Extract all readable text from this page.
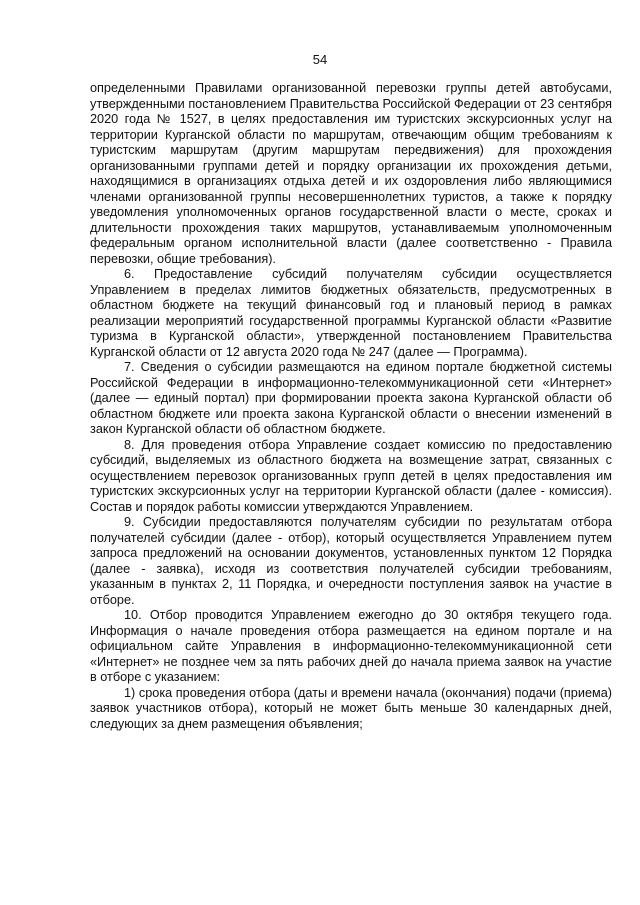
54

определенными Правилами организованной перевозки группы детей автобусами, утвержденными постановлением Правительства Российской Федерации от 23 сентября 2020 года № 1527, в целях предоставления им туристских экскурсионных услуг на территории Курганской области по маршрутам, отвечающим общим требованиям к туристским маршрутам (другим маршрутам передвижения) для прохождения организованными группами детей и порядку организации их прохождения детьми, находящимися в организациях отдыха детей и их оздоровления либо являющимися членами организованной группы несовершеннолетних туристов, а также к порядку уведомления уполномоченных органов государственной власти о месте, сроках и длительности прохождения таких маршрутов, устанавливаемым уполномоченным федеральным органом исполнительной власти (далее соответственно - Правила перевозки, общие требования).

6. Предоставление субсидий получателям субсидии осуществляется Управлением в пределах лимитов бюджетных обязательств, предусмотренных в областном бюджете на текущий финансовый год и плановый период в рамках реализации мероприятий государственной программы Курганской области «Развитие туризма в Курганской области», утвержденной постановлением Правительства Курганской области от 12 августа 2020 года № 247 (далее — Программа).

7. Сведения о субсидии размещаются на едином портале бюджетной системы Российской Федерации в информационно-телекоммуникационной сети «Интернет» (далее — единый портал) при формировании проекта закона Курганской области об областном бюджете или проекта закона Курганской области о внесении изменений в закон Курганской области об областном бюджете.

8. Для проведения отбора Управление создает комиссию по предоставлению субсидий, выделяемых из областного бюджета на возмещение затрат, связанных с осуществлением перевозок организованных групп детей в целях предоставления им туристских экскурсионных услуг на территории Курганской области (далее - комиссия). Состав и порядок работы комиссии утверждаются Управлением.

9. Субсидии предоставляются получателям субсидии по результатам отбора получателей субсидии (далее - отбор), который осуществляется Управлением путем запроса предложений на основании документов, установленных пунктом 12 Порядка (далее - заявка), исходя из соответствия получателей субсидии требованиям, указанным в пунктах 2, 11 Порядка, и очередности поступления заявок на участие в отборе.

10. Отбор проводится Управлением ежегодно до 30 октября текущего года. Информация о начале проведения отбора размещается на едином портале и на официальном сайте Управления в информационно-телекоммуникационной сети «Интернет» не позднее чем за пять рабочих дней до начала приема заявок на участие в отборе с указанием:

1) срока проведения отбора (даты и времени начала (окончания) подачи (приема) заявок участников отбора), который не может быть меньше 30 календарных дней, следующих за днем размещения объявления;
